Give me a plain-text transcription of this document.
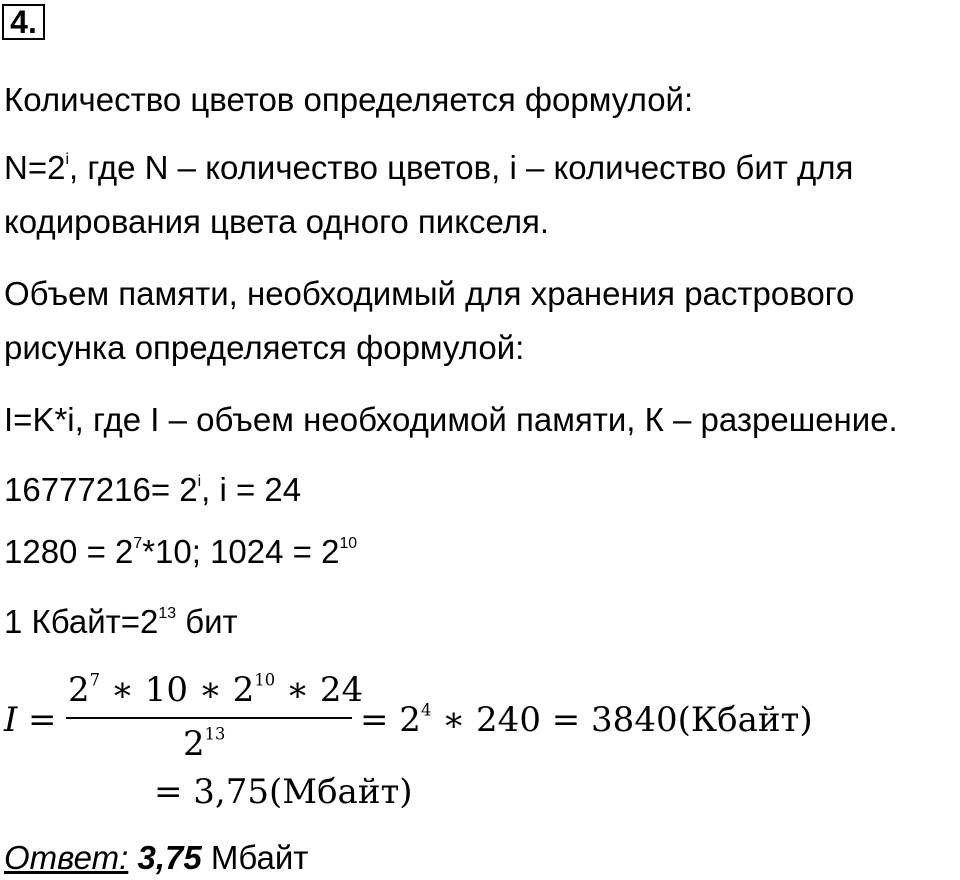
4.
Количество цветов определяется формулой:
$N=2^i$, где N – количество цветов, i – количество бит для
кодирования цвета одного пикселя.
Объем памяти, необходимый для хранения растрового
рисунка определяется формулой:
I=K*i, где I – объем необходимой памяти, К – разрешение.
$16777216= 2^i$, i = 24
$1280 = 2^7*10$; $1024 = 2^{10}$
1 $Кбайт=2^{13}$ бит
I =
$2^7$ ∗ 10 ∗ $2^{10}$ ∗ 24
$2^{13}$	= $2^4$ ∗ 240 = 3840(Кбайт)
= 3,75(Мбайт)
Ответ: 3,75 Мбайт
